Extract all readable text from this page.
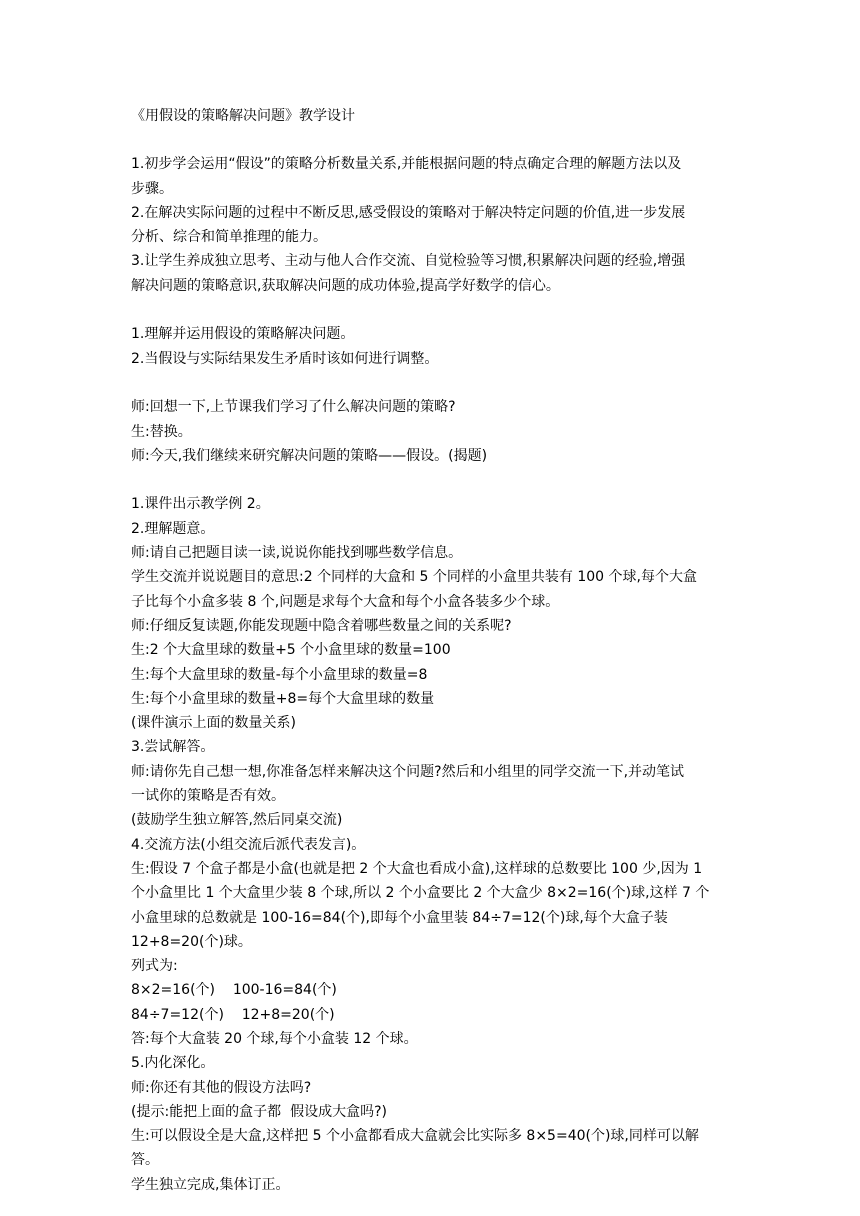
《用假设的策略解决问题》教学设计

1.初步学会运用“假设”的策略分析数量关系,并能根据问题的特点确定合理的解题方法以及

步骤。

2.在解决实际问题的过程中不断反思,感受假设的策略对于解决特定问题的价值,进一步发展

分析、综合和简单推理的能力。

3.让学生养成独立思考、主动与他人合作交流、自觉检验等习惯,积累解决问题的经验,增强

解决问题的策略意识,获取解决问题的成功体验,提高学好数学的信心。

1.理解并运用假设的策略解决问题。

2.当假设与实际结果发生矛盾时该如何进行调整。

师:回想一下,上节课我们学习了什么解决问题的策略?

生:替换。

师:今天,我们继续来研究解决问题的策略——假设。(揭题)

1.课件出示教学例 2。

2.理解题意。

师:请自己把题目读一读,说说你能找到哪些数学信息。

学生交流并说说题目的意思:2 个同样的大盒和 5 个同样的小盒里共装有 100 个球,每个大盒

子比每个小盒多装 8 个,问题是求每个大盒和每个小盒各装多少个球。

师:仔细反复读题,你能发现题中隐含着哪些数量之间的关系呢?

生:2 个大盒里球的数量+5 个小盒里球的数量=100

生:每个大盒里球的数量-每个小盒里球的数量=8

生:每个小盒里球的数量+8=每个大盒里球的数量

(课件演示上面的数量关系)

3.尝试解答。

师:请你先自己想一想,你准备怎样来解决这个问题?然后和小组里的同学交流一下,并动笔试

一试你的策略是否有效。

(鼓励学生独立解答,然后同桌交流)

4.交流方法(小组交流后派代表发言)。

生:假设 7 个盒子都是小盒(也就是把 2 个大盒也看成小盒),这样球的总数要比 100 少,因为 1

个小盒里比 1 个大盒里少装 8 个球,所以 2 个小盒要比 2 个大盒少 8×2=16(个)球,这样 7 个

小盒里球的总数就是 100-16=84(个),即每个小盒里装 84÷7=12(个)球,每个大盒子装

12+8=20(个)球。

列式为:

8×2=16(个)    100-16=84(个)

84÷7=12(个)    12+8=20(个)

答:每个大盒装 20 个球,每个小盒装 12 个球。

5.内化深化。

师:你还有其他的假设方法吗?

(提示:能把上面的盒子都  假设成大盒吗?)

生:可以假设全是大盒,这样把 5 个小盒都看成大盒就会比实际多 8×5=40(个)球,同样可以解

答。

学生独立完成,集体订正。
